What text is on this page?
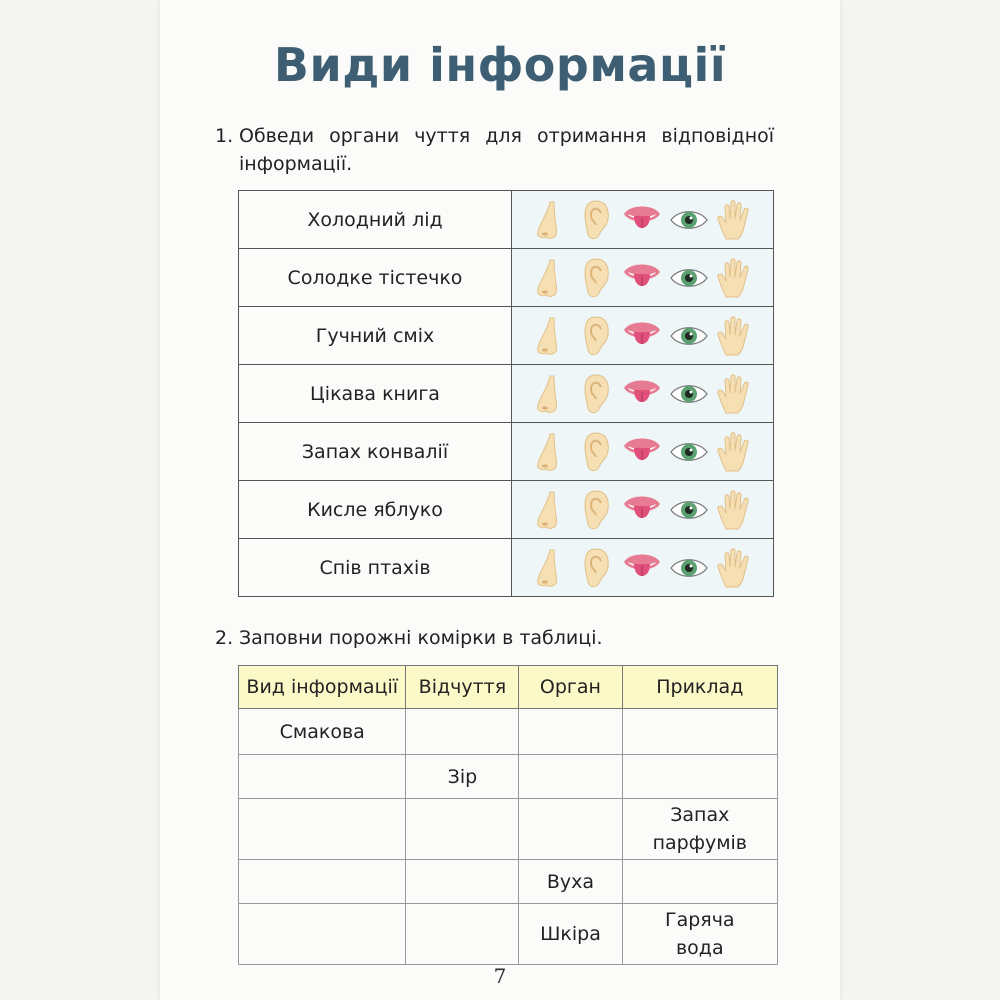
Види інформації
1. Обведи органи чуття для отримання відповідної
інформації.
Холодний лід	

Солодке тістечко	

Гучний сміх	

Цікава книга	

Запах конвалії	

Кисле яблуко	

Спів птахів	
2. Заповни порожні комірки в таблиці.
Вид інформації	Відчуття	Орган	Приклад
Смакова			
	Зір		
			Запах парфумів
		Вуха	
		Шкіра	Гаряча вода
7
